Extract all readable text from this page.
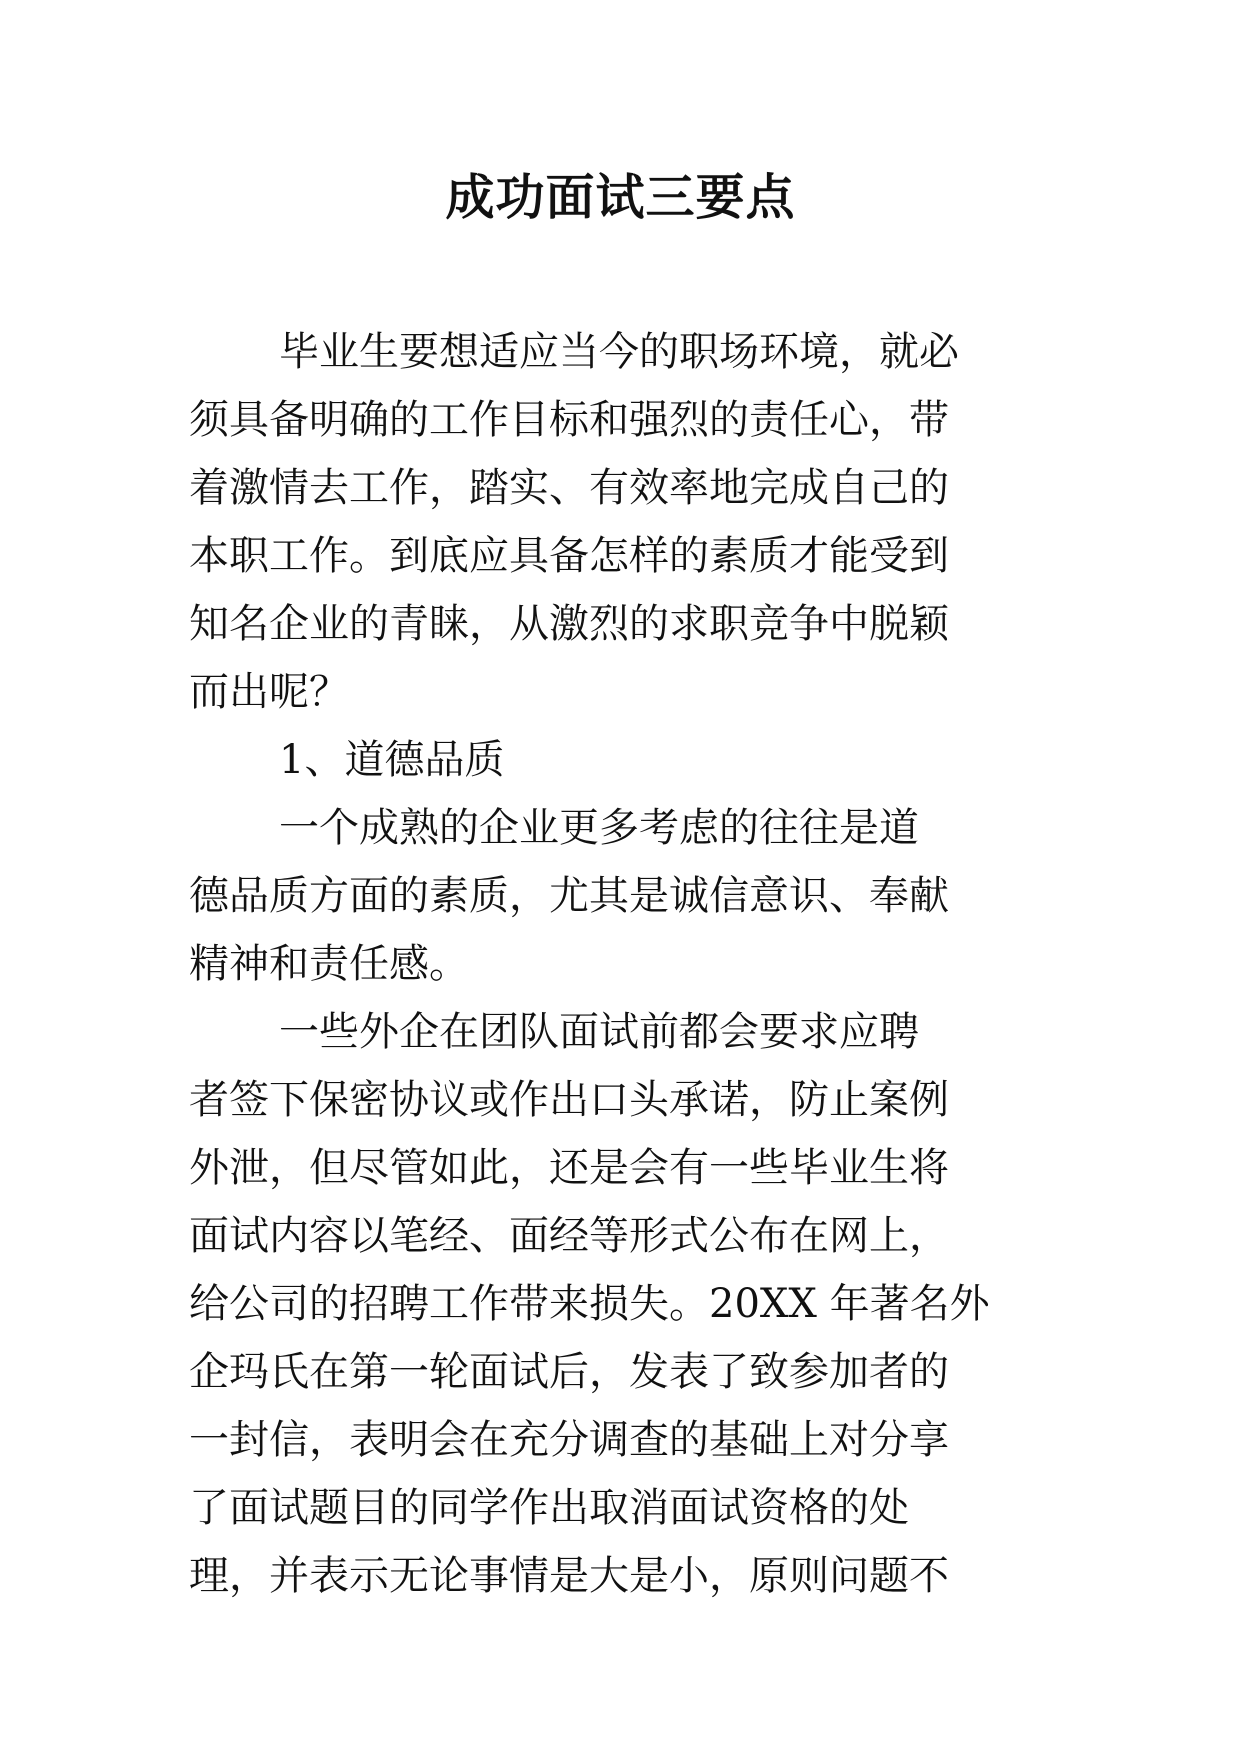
成功面试三要点
毕业生要想适应当今的职场环境，就必
须具备明确的工作目标和强烈的责任心，带
着激情去工作，踏实、有效率地完成自己的
本职工作。到底应具备怎样的素质才能受到
知名企业的青睐，从激烈的求职竞争中脱颖
而出呢？
1、道德品质
一个成熟的企业更多考虑的往往是道
德品质方面的素质，尤其是诚信意识、奉献
精神和责任感。
一些外企在团队面试前都会要求应聘
者签下保密协议或作出口头承诺，防止案例
外泄，但尽管如此，还是会有一些毕业生将
面试内容以笔经、面经等形式公布在网上，
给公司的招聘工作带来损失。20XX 年著名外
企玛氏在第一轮面试后，发表了致参加者的
一封信，表明会在充分调查的基础上对分享
了面试题目的同学作出取消面试资格的处
理，并表示无论事情是大是小，原则问题不
